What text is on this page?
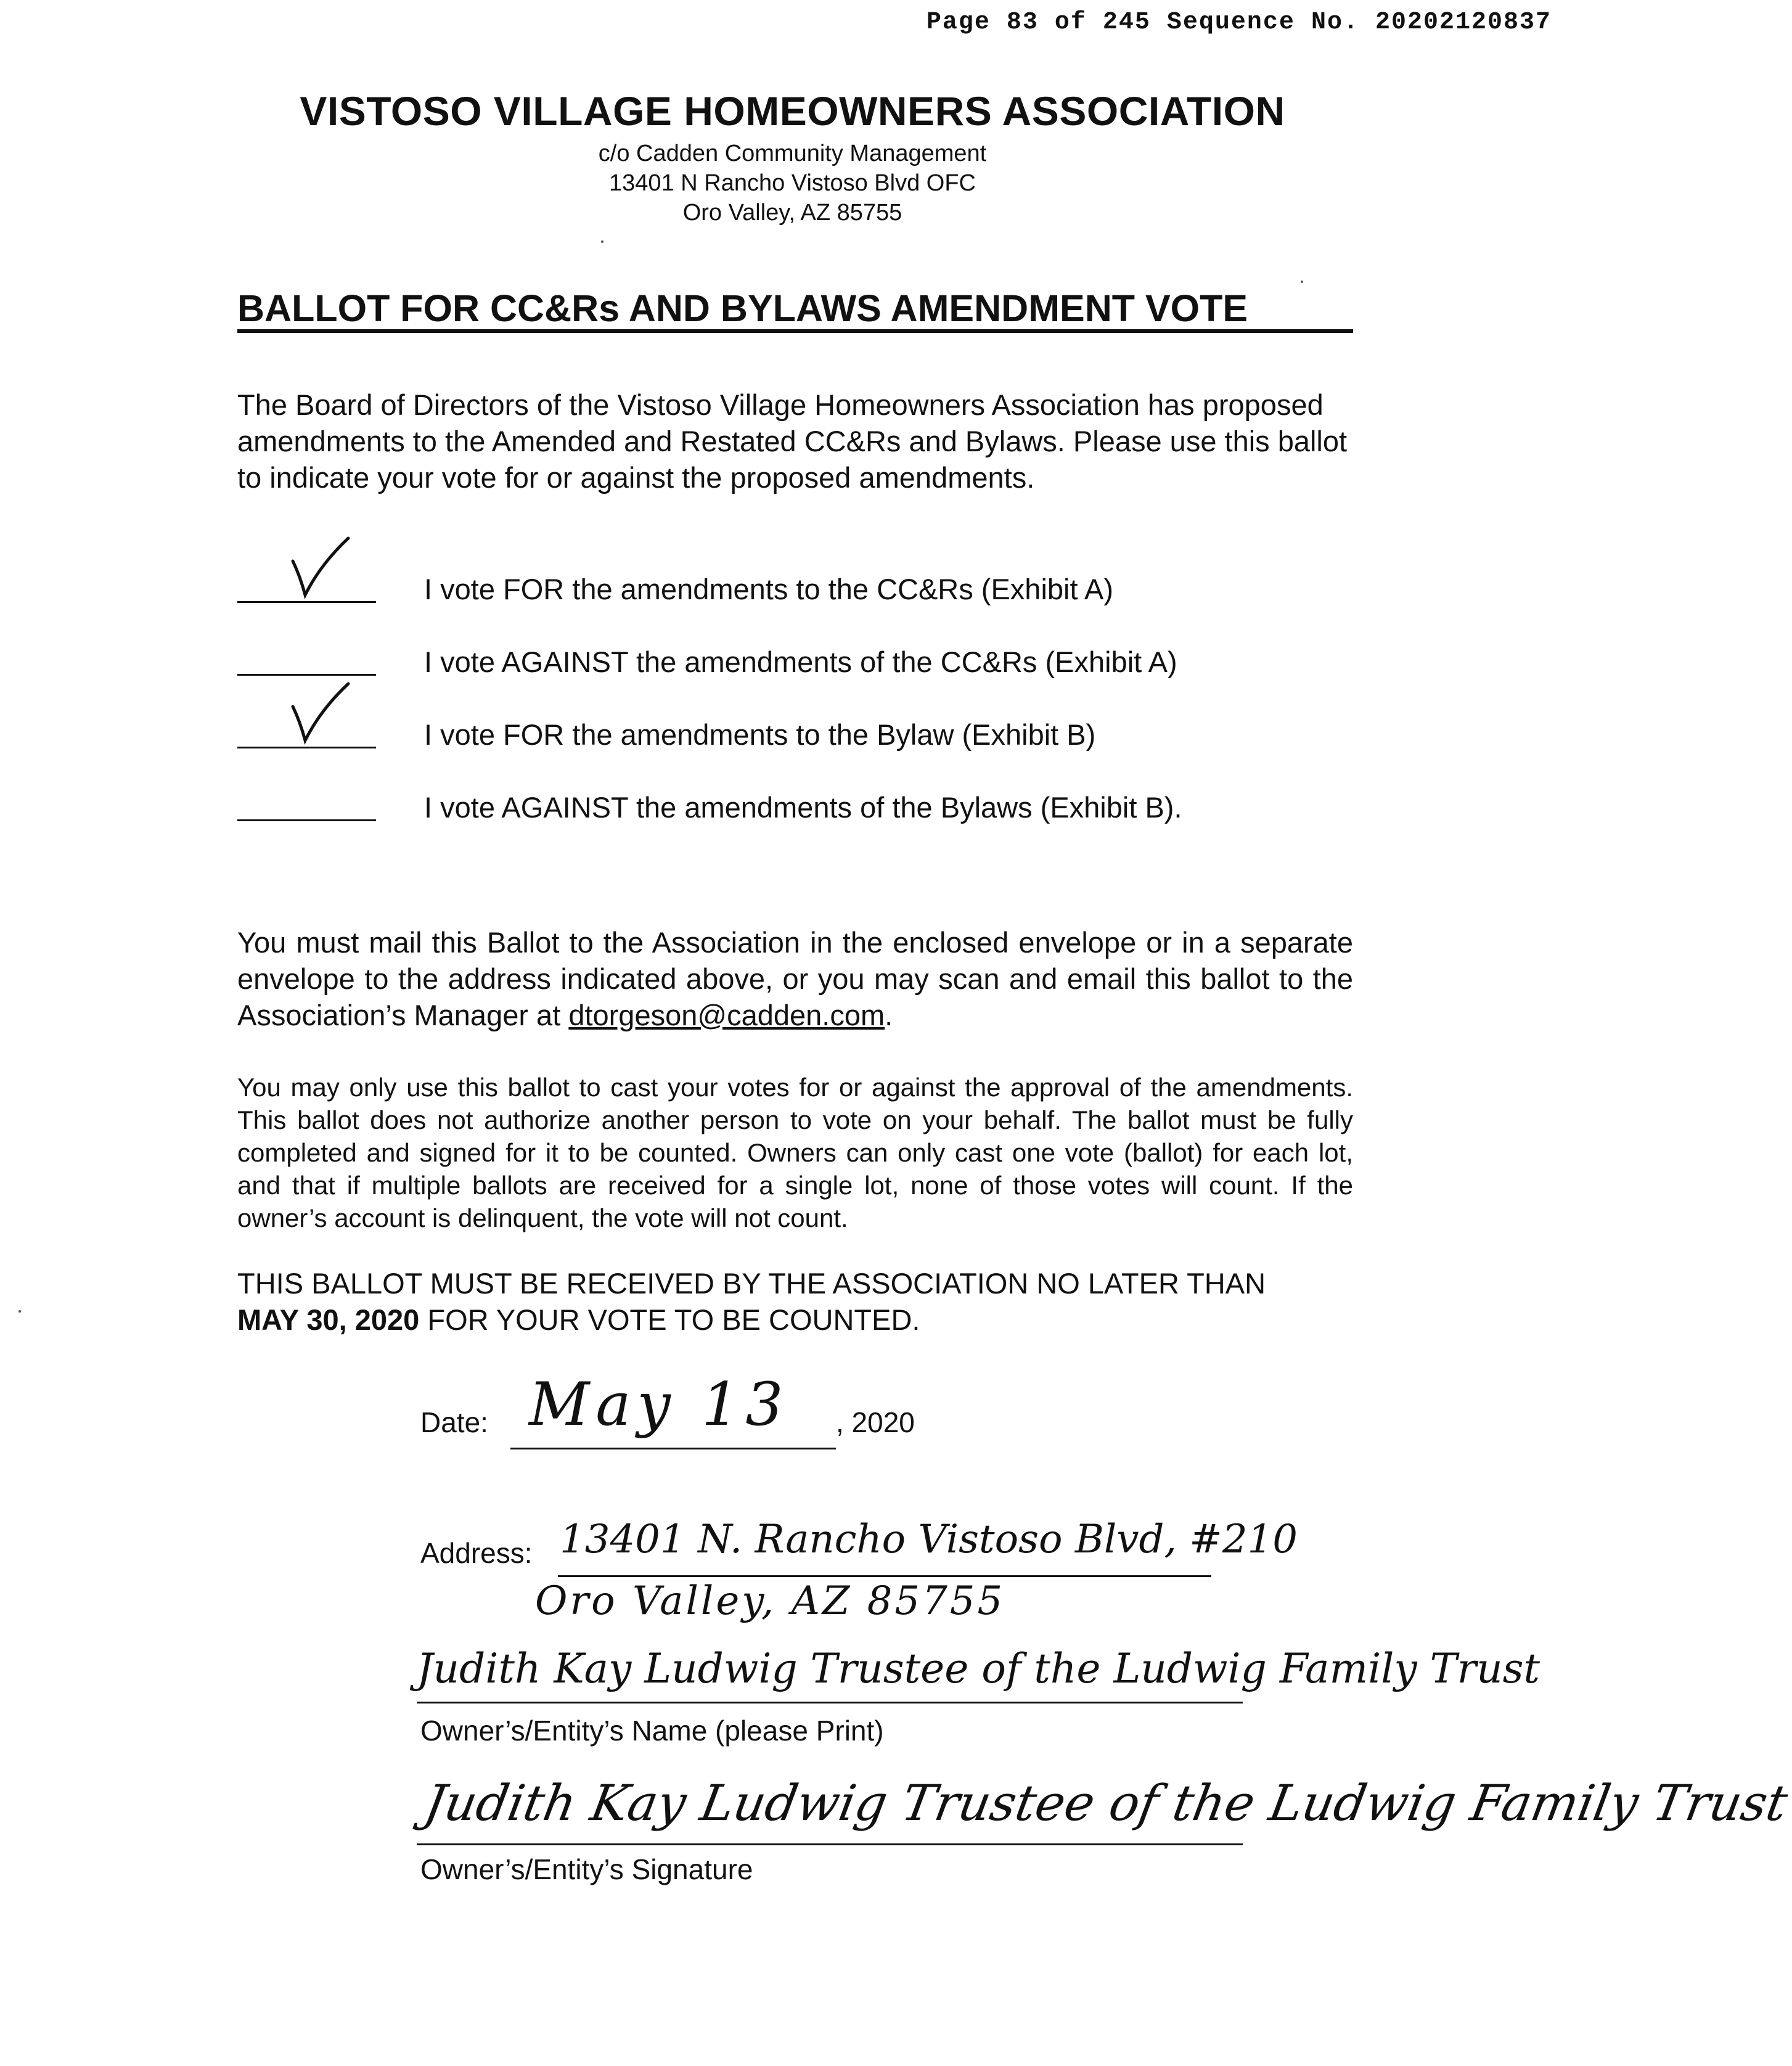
Page 83 of 245 Sequence No. 20202120837
VISTOSO VILLAGE HOMEOWNERS ASSOCIATION
c/o Cadden Community Management
13401 N Rancho Vistoso Blvd OFC
Oro Valley, AZ 85755
BALLOT FOR CC&Rs AND BYLAWS AMENDMENT VOTE
The Board of Directors of the Vistoso Village Homeowners Association has proposed amendments to the Amended and Restated CC&Rs and Bylaws. Please use this ballot to indicate your vote for or against the proposed amendments.
I vote FOR the amendments to the CC&Rs (Exhibit A)
I vote AGAINST the amendments of the CC&Rs (Exhibit A)
I vote FOR the amendments to the Bylaw (Exhibit B)
I vote AGAINST the amendments of the Bylaws (Exhibit B).
You must mail this Ballot to the Association in the enclosed envelope or in a separate envelope to the address indicated above, or you may scan and email this ballot to the Association’s Manager at dtorgeson@cadden.com.
You may only use this ballot to cast your votes for or against the approval of the amendments. This ballot does not authorize another person to vote on your behalf. The ballot must be fully completed and signed for it to be counted. Owners can only cast one vote (ballot) for each lot, and that if multiple ballots are received for a single lot, none of those votes will count. If the owner’s account is delinquent, the vote will not count.
THIS BALLOT MUST BE RECEIVED BY THE ASSOCIATION NO LATER THAN
MAY 30, 2020 FOR YOUR VOTE TO BE COUNTED.
Date: May 13 , 2020
Address: 13401 N. Rancho Vistoso Blvd, #210
Oro Valley, AZ 85755
Judith Kay Ludwig Trustee of the Ludwig Family Trust
Owner’s/Entity’s Name (please Print)
Judith Kay Ludwig Trustee of the Ludwig Family Trust
Owner’s/Entity’s Signature
